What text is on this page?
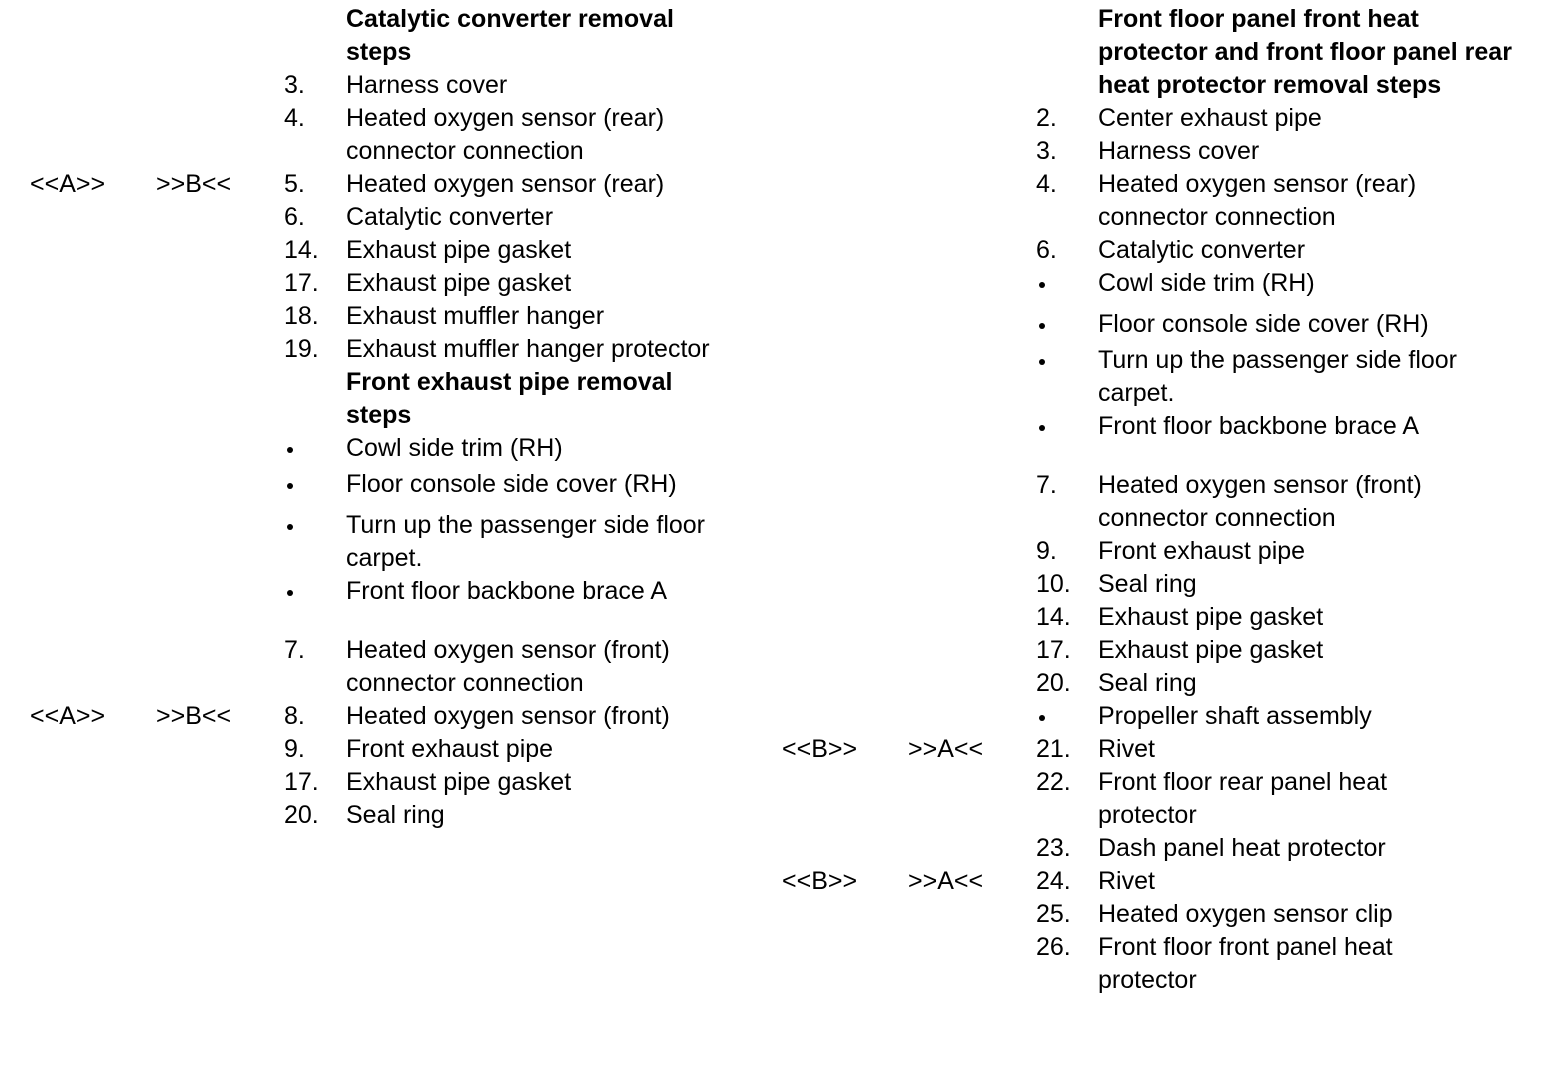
Catalytic converter removal steps
3. Harness cover
4. Heated oxygen sensor (rear) connector connection
<<A>> >>B<< 5. Heated oxygen sensor (rear)
6. Catalytic converter
14. Exhaust pipe gasket
17. Exhaust pipe gasket
18. Exhaust muffler hanger
19. Exhaust muffler hanger protector
Front exhaust pipe removal steps
Cowl side trim (RH)
Floor console side cover (RH)
Turn up the passenger side floor carpet.
Front floor backbone brace A
7. Heated oxygen sensor (front) connector connection
<<A>> >>B<< 8. Heated oxygen sensor (front)
9. Front exhaust pipe
17. Exhaust pipe gasket
20. Seal ring
Front floor panel front heat protector and front floor panel rear heat protector removal steps
2. Center exhaust pipe
3. Harness cover
4. Heated oxygen sensor (rear) connector connection
6. Catalytic converter
Cowl side trim (RH)
Floor console side cover (RH)
Turn up the passenger side floor carpet.
Front floor backbone brace A
7. Heated oxygen sensor (front) connector connection
9. Front exhaust pipe
10. Seal ring
14. Exhaust pipe gasket
17. Exhaust pipe gasket
20. Seal ring
Propeller shaft assembly
<<B>> >>A<< 21. Rivet
22. Front floor rear panel heat protector
23. Dash panel heat protector
<<B>> >>A<< 24. Rivet
25. Heated oxygen sensor clip
26. Front floor front panel heat protector
